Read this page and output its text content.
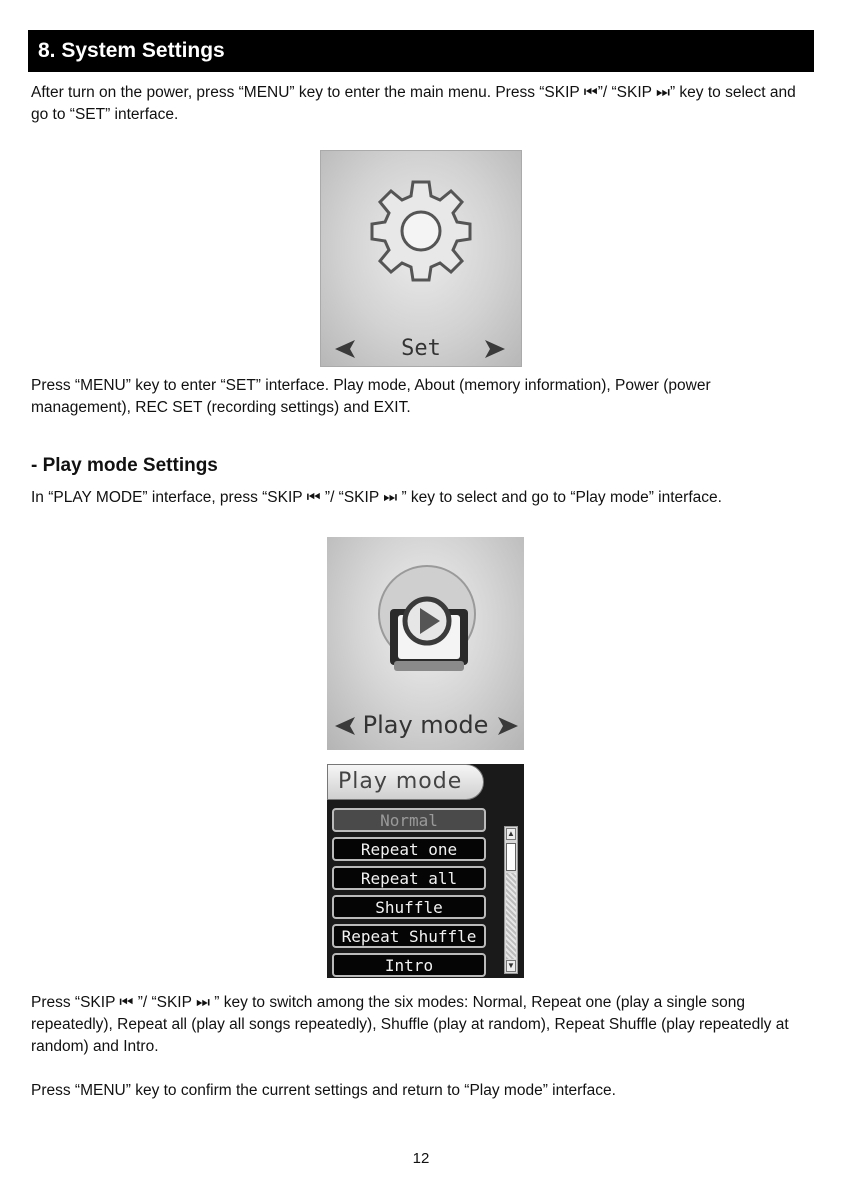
8. System Settings

After turn on the power, press “MENU” key to enter the main menu. Press “SKIP ⏮”/ “SKIP ⏭” key to select and go to “SET” interface.

Set

Press “MENU” key to enter “SET” interface. Play mode, About (memory information), Power (power management), REC SET (recording settings) and EXIT.

- Play mode Settings

In “PLAY MODE” interface, press “SKIP ⏮ ”/ “SKIP ⏭ ” key to select and go to “Play mode” interface.

Play mode
Play mode
Normal
Repeat one
Repeat all
Shuffle
Repeat Shuffle
Intro
▲
▼

Press “SKIP ⏮ ”/ “SKIP ⏭ ” key to switch among the six modes: Normal, Repeat one (play a single song repeatedly), Repeat all (play all songs repeatedly), Shuffle (play at random), Repeat Shuffle (play repeatedly at random) and Intro.

Press “MENU” key to confirm the current settings and return to “Play mode” interface.

12
